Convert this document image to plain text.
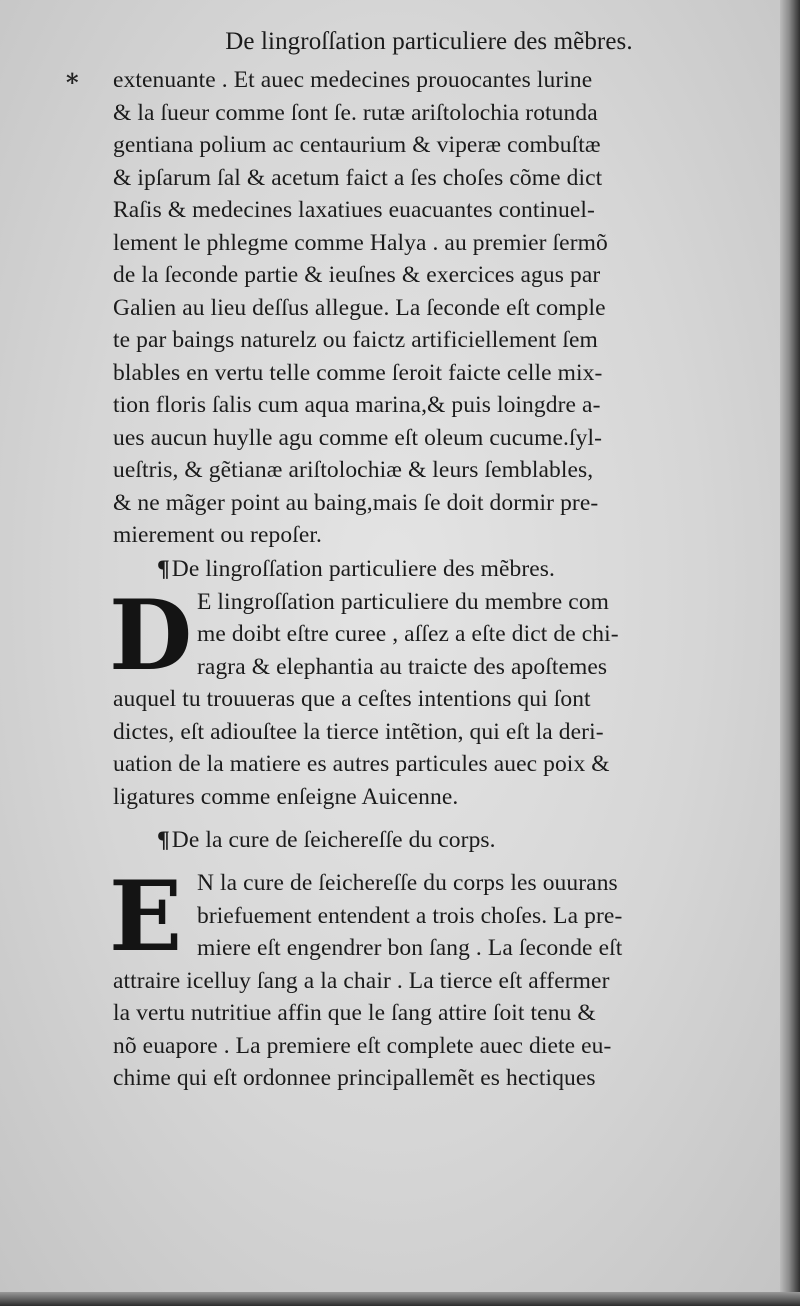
*
De lingroſſation particuliere des mẽbres.
extenuante . Et auec medecines prouocantes lurine
& la ſueur comme ſont ſe. rutæ ariſtolochia rotunda
gentiana polium ac centaurium & viperæ combuſtæ
& ipſarum ſal & acetum faict a ſes choſes cõme dict
Raſis & medecines laxatiues euacuantes continuel-
lement le phlegme comme Halya . au premier ſermõ
de la ſeconde partie & ieuſnes & exercices agus par
Galien au lieu deſſus allegue. La ſeconde eſt comple
te par baings naturelz ou faictz artificiellement ſem
blables en vertu telle comme ſeroit faicte celle mix-
tion floris ſalis cum aqua marina,& puis loingdre a-
ues aucun huylle agu comme eſt oleum cucume.ſyl-
ueſtris, & gẽtianæ ariſtolochiæ & leurs ſemblables,
& ne mãger point au baing,mais ſe doit dormir pre-
mierement ou repoſer.
¶De lingroſſation particuliere des mẽbres.
D E lingroſſation particuliere du membre com
me doibt eſtre curee , aſſez a eſte dict de chi-
ragra & elephantia au traicte des apoſtemes
auquel tu trouueras que a ceſtes intentions qui ſont
dictes, eſt adiouſtee la tierce intẽtion, qui eſt la deri-
uation de la matiere es autres particules auec poix &
ligatures comme enſeigne Auicenne.
¶De la cure de ſeichereſſe du corps.
E N la cure de ſeichereſſe du corps les ouurans
briefuement entendent a trois choſes. La pre-
miere eſt engendrer bon ſang . La ſeconde eſt
attraire icelluy ſang a la chair . La tierce eſt affermer
la vertu nutritiue affin que le ſang attire ſoit tenu &
nõ euapore . La premiere eſt complete auec diete eu-
chime qui eſt ordonnee principallemẽt es hectiques
